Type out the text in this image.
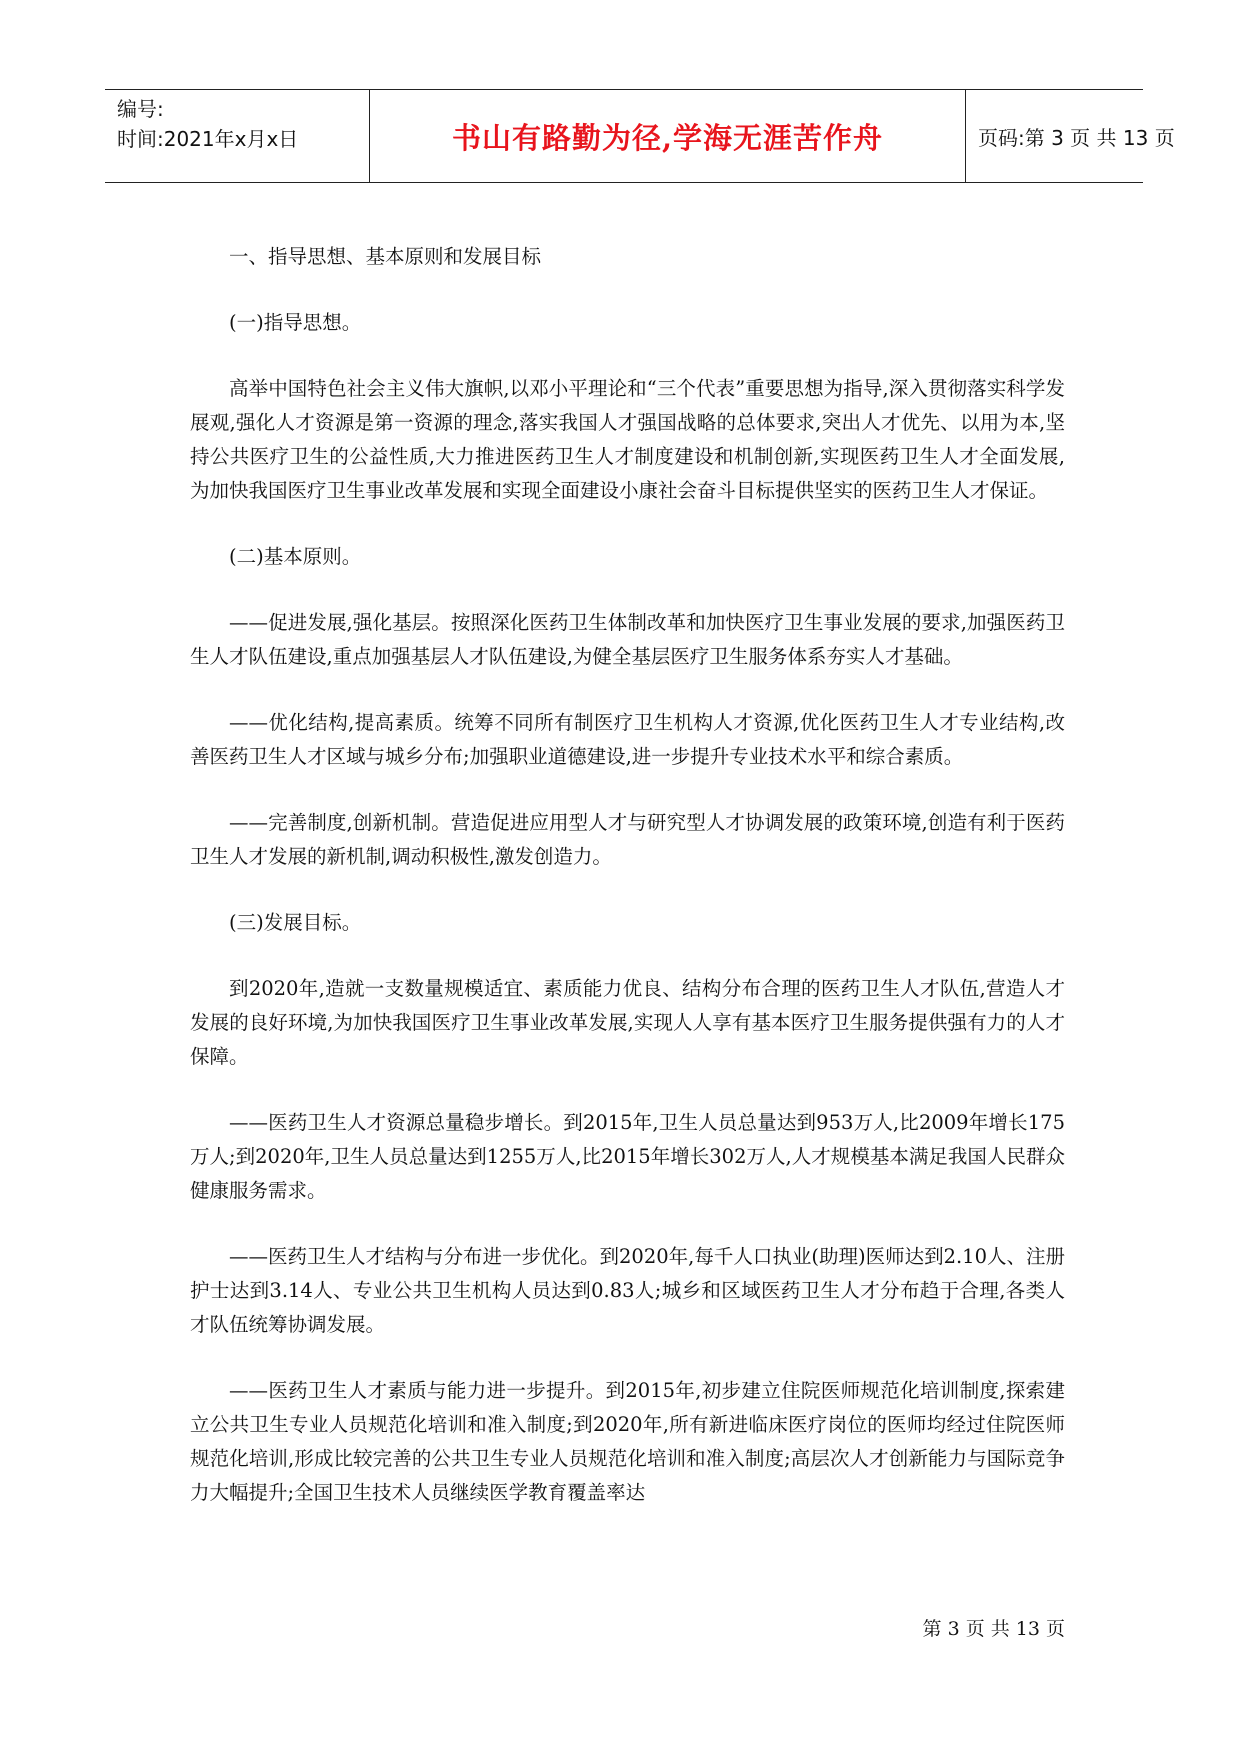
编号:
时间:2021年x月x日	书山有路勤为径,学海无涯苦作舟	页码:第 3 页 共 13 页

一、指导思想、基本原则和发展目标

(一)指导思想。

高举中国特色社会主义伟大旗帜,以邓小平理论和“三个代表”重要思想为指导,深入贯彻落实科学发展观,强化人才资源是第一资源的理念,落实我国人才强国战略的总体要求,突出人才优先、以用为本,坚持公共医疗卫生的公益性质,大力推进医药卫生人才制度建设和机制创新,实现医药卫生人才全面发展,为加快我国医疗卫生事业改革发展和实现全面建设小康社会奋斗目标提供坚实的医药卫生人才保证。

(二)基本原则。

——促进发展,强化基层。按照深化医药卫生体制改革和加快医疗卫生事业发展的要求,加强医药卫生人才队伍建设,重点加强基层人才队伍建设,为健全基层医疗卫生服务体系夯实人才基础。

——优化结构,提高素质。统筹不同所有制医疗卫生机构人才资源,优化医药卫生人才专业结构,改善医药卫生人才区域与城乡分布;加强职业道德建设,进一步提升专业技术水平和综合素质。

——完善制度,创新机制。营造促进应用型人才与研究型人才协调发展的政策环境,创造有利于医药卫生人才发展的新机制,调动积极性,激发创造力。

(三)发展目标。

到2020年,造就一支数量规模适宜、素质能力优良、结构分布合理的医药卫生人才队伍,营造人才发展的良好环境,为加快我国医疗卫生事业改革发展,实现人人享有基本医疗卫生服务提供强有力的人才保障。

——医药卫生人才资源总量稳步增长。到2015年,卫生人员总量达到953万人,比2009年增长175万人;到2020年,卫生人员总量达到1255万人,比2015年增长302万人,人才规模基本满足我国人民群众健康服务需求。

——医药卫生人才结构与分布进一步优化。到2020年,每千人口执业(助理)医师达到2.10人、注册护士达到3.14人、专业公共卫生机构人员达到0.83人;城乡和区域医药卫生人才分布趋于合理,各类人才队伍统筹协调发展。

——医药卫生人才素质与能力进一步提升。到2015年,初步建立住院医师规范化培训制度,探索建立公共卫生专业人员规范化培训和准入制度;到2020年,所有新进临床医疗岗位的医师均经过住院医师规范化培训,形成比较完善的公共卫生专业人员规范化培训和准入制度;高层次人才创新能力与国际竞争力大幅提升;全国卫生技术人员继续医学教育覆盖率达

第 3 页 共 13 页
